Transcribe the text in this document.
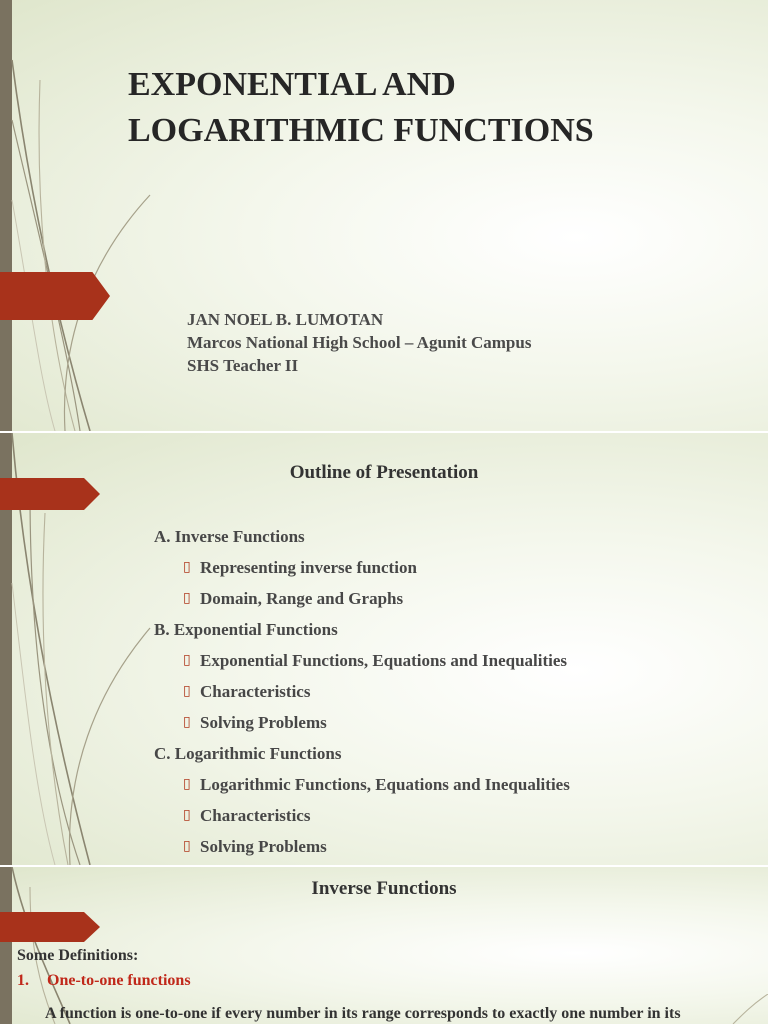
EXPONENTIAL AND
LOGARITHMIC FUNCTIONS
JAN NOEL B. LUMOTAN
Marcos National High School – Agunit Campus
SHS Teacher II
Outline of Presentation
A. Inverse Functions
▯ Representing inverse function
▯ Domain, Range and Graphs
B. Exponential Functions
▯ Exponential Functions, Equations and Inequalities
▯ Characteristics
▯ Solving Problems
C. Logarithmic Functions
▯ Logarithmic Functions, Equations and Inequalities
▯ Characteristics
▯ Solving Problems
Inverse Functions
Some Definitions:
1. One-to-one functions
A function is one-to-one if every number in its range corresponds to exactly one number in its
